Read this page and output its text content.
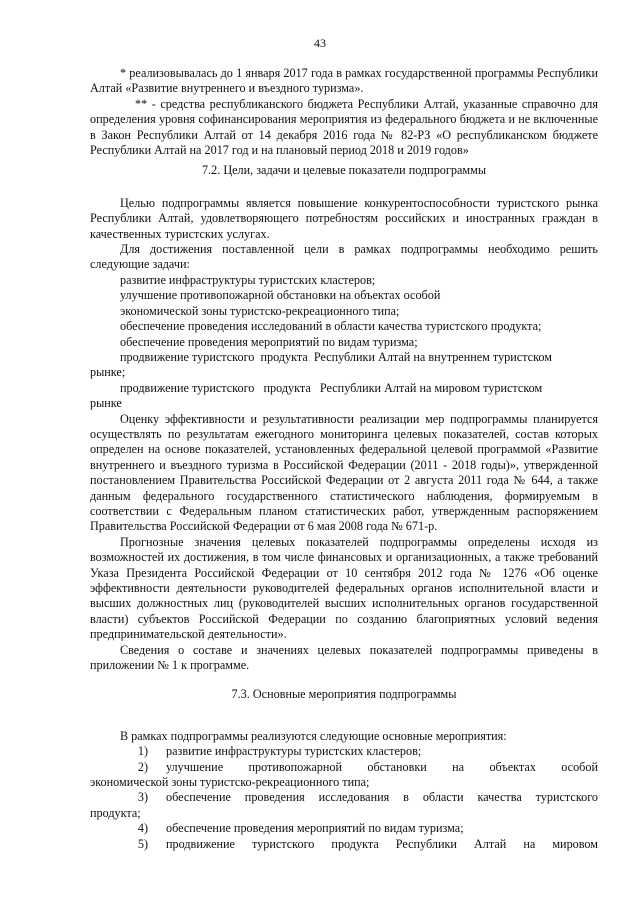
43

* реализовывалась до 1 января 2017 года в рамках государственной программы Республики Алтай «Развитие внутреннего и въездного туризма».

** - средства республиканского бюджета Республики Алтай, указанные справочно для определения уровня софинансирования мероприятия из федерального бюджета и не включенные в Закон Республики Алтай от 14 декабря 2016 года № 82-РЗ «О республиканском бюджете Республики Алтай на 2017 год и на плановый период 2018 и 2019 годов»

7.2. Цели, задачи и целевые показатели подпрограммы

Целью подпрограммы является повышение конкурентоспособности туристского рынка Республики Алтай, удовлетворяющего потребностям российских и иностранных граждан в качественных туристских услугах.

Для достижения поставленной цели в рамках подпрограммы необходимо решить следующие задачи:

развитие инфраструктуры туристских кластеров;

улучшение противопожарной обстановки на объектах особой

экономической зоны туристско-рекреационного типа;

обеспечение проведения исследований в области качества туристского продукта;

обеспечение проведения мероприятий по видам туризма;

продвижение туристского  продукта  Республики Алтай на внутреннем туристском

рынке;

продвижение туристского   продукта   Республики Алтай на мировом туристском

рынке

Оценку эффективности и результативности реализации мер подпрограммы планируется осуществлять по результатам ежегодного мониторинга целевых показателей, состав которых определен на основе показателей, установленных федеральной целевой программой «Развитие внутреннего и въездного туризма в Российской Федерации (2011 - 2018 годы)», утвержденной постановлением Правительства Российской Федерации от 2 августа 2011 года № 644, а также данным федерального государственного статистического наблюдения, формируемым в соответствии с Федеральным планом статистических работ, утвержденным распоряжением Правительства Российской Федерации от 6 мая 2008 года № 671-р.

Прогнозные значения целевых показателей подпрограммы определены исходя из возможностей их достижения, в том числе финансовых и организационных, а также требований Указа Президента Российской Федерации от 10 сентября 2012 года № 1276 «Об оценке эффективности деятельности руководителей федеральных органов исполнительной власти и высших должностных лиц (руководителей высших исполнительных органов государственной власти) субъектов Российской Федерации по созданию благоприятных условий ведения предпринимательской деятельности».

Сведения о составе и значениях целевых показателей подпрограммы приведены в приложении № 1 к программе.

7.3. Основные мероприятия подпрограммы

В рамках подпрограммы реализуются следующие основные мероприятия:

1)	развитие инфраструктуры туристских кластеров;
2)	улучшение      противопожарной      обстановки      на      объектах      особой

экономической зоны туристско-рекреационного типа;

3)	обеспечение проведения исследования в области качества туристского

продукта;

4)	обеспечение проведения мероприятий по видам туризма;
5)	продвижение   туристского   продукта   Республики   Алтай   на   мировом
